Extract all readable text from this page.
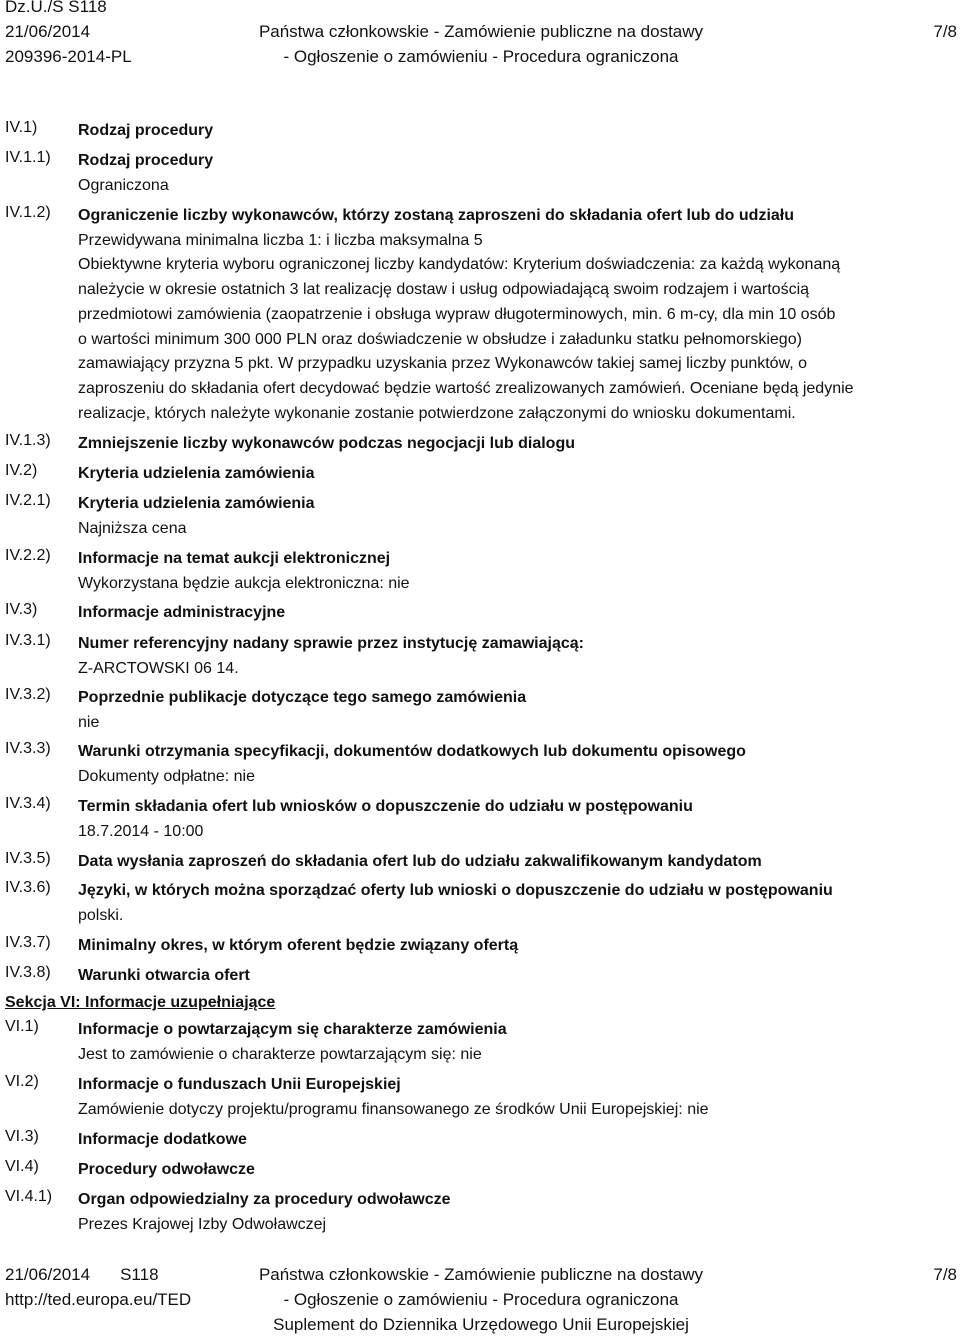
Dz.U./S S118
21/06/2014	Państwa członkowskie - Zamówienie publiczne na dostawy	7/8
209396-2014-PL	- Ogłoszenie o zamówieniu - Procedura ograniczona
IV.1)	Rodzaj procedury
IV.1.1) Rodzaj procedury
Ograniczona
IV.1.2) Ograniczenie liczby wykonawców, którzy zostaną zaproszeni do składania ofert lub do udziału
Przewidywana minimalna liczba 1: i liczba maksymalna 5
Obiektywne kryteria wyboru ograniczonej liczby kandydatów: Kryterium doświadczenia: za każdą wykonaną
należycie w okresie ostatnich 3 lat realizację dostaw i usług odpowiadającą swoim rodzajem i wartością
przedmiotowi zamówienia (zaopatrzenie i obsługa wypraw długoterminowych, min. 6 m-cy, dla min 10 osób
o wartości minimum 300 000 PLN oraz doświadczenie w obsłudze i załadunku statku pełnomorskiego)
zamawiający przyzna 5 pkt. W przypadku uzyskania przez Wykonawców takiej samej liczby punktów, o
zaproszeniu do składania ofert decydować będzie wartość zrealizowanych zamówień. Oceniane będą jedynie
realizacje, których należyte wykonanie zostanie potwierdzone załączonymi do wniosku dokumentami.
IV.1.3) Zmniejszenie liczby wykonawców podczas negocjacji lub dialogu
IV.2)	Kryteria udzielenia zamówienia
IV.2.1) Kryteria udzielenia zamówienia
Najniższa cena
IV.2.2) Informacje na temat aukcji elektronicznej
Wykorzystana będzie aukcja elektroniczna: nie
IV.3)	Informacje administracyjne
IV.3.1) Numer referencyjny nadany sprawie przez instytucję zamawiającą:
Z-ARCTOWSKI 06 14.
IV.3.2) Poprzednie publikacje dotyczące tego samego zamówienia
nie
IV.3.3) Warunki otrzymania specyfikacji, dokumentów dodatkowych lub dokumentu opisowego
Dokumenty odpłatne: nie
IV.3.4) Termin składania ofert lub wniosków o dopuszczenie do udziału w postępowaniu
18.7.2014 - 10:00
IV.3.5) Data wysłania zaproszeń do składania ofert lub do udziału zakwalifikowanym kandydatom
IV.3.6) Języki, w których można sporządzać oferty lub wnioski o dopuszczenie do udziału w postępowaniu
polski.
IV.3.7) Minimalny okres, w którym oferent będzie związany ofertą
IV.3.8) Warunki otwarcia ofert
Sekcja VI: Informacje uzupełniające
VI.1) Informacje o powtarzającym się charakterze zamówienia
Jest to zamówienie o charakterze powtarzającym się: nie
VI.2) Informacje o funduszach Unii Europejskiej
Zamówienie dotyczy projektu/programu finansowanego ze środków Unii Europejskiej: nie
VI.3) Informacje dodatkowe
VI.4) Procedury odwoławcze
VI.4.1) Organ odpowiedzialny za procedury odwoławcze
Prezes Krajowej Izby Odwoławczej
21/06/2014 S118	Państwa członkowskie - Zamówienie publiczne na dostawy	7/8
http://ted.europa.eu/TED	- Ogłoszenie o zamówieniu - Procedura ograniczona
Suplement do Dziennika Urzędowego Unii Europejskiej
